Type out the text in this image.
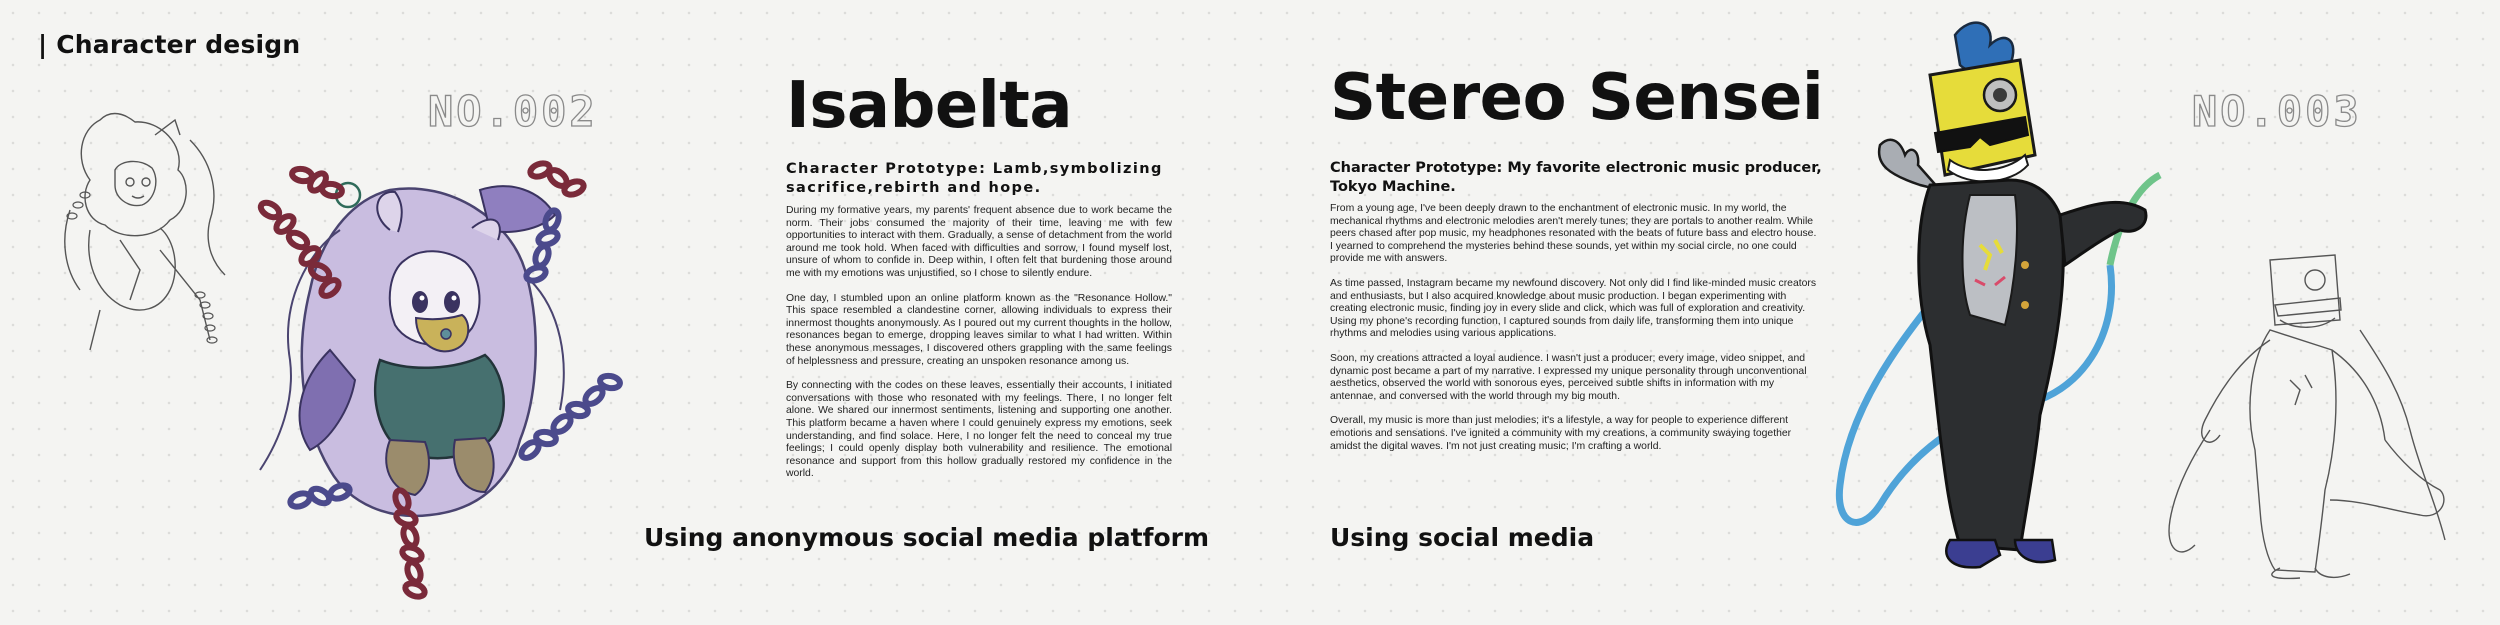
| Character design
NO.002	NO.003
Isabelta

Character Prototype: Lamb,symbolizing sacrifice,rebirth and hope.

During my formative years, my parents' frequent absence due to work became the norm. Their jobs consumed the majority of their time, leaving me with few opportunities to interact with them. Gradually, a sense of detachment from the world around me took hold. When faced with difficulties and sorrow, I found myself lost, unsure of whom to confide in. Deep within, I often felt that burdening those around me with my emotions was unjustified, so I chose to silently endure.

One day, I stumbled upon an online platform known as the "Resonance Hollow." This space resembled a clandestine corner, allowing individuals to express their innermost thoughts anonymously. As I poured out my current thoughts in the hollow, resonances began to emerge, dropping leaves similar to what I had written. Within these anonymous messages, I discovered others grappling with the same feelings of helplessness and pressure, creating an unspoken resonance among us.

By connecting with the codes on these leaves, essentially their accounts, I initiated conversations with those who resonated with my feelings. There, I no longer felt alone. We shared our innermost sentiments, listening and supporting one another. This platform became a haven where I could genuinely express my emotions, seek understanding, and find solace. Here, I no longer felt the need to conceal my true feelings; I could openly display both vulnerability and resilience. The emotional resonance and support from this hollow gradually restored my confidence in the world.

Using anonymous social media platform
Stereo Sensei

Character Prototype: My favorite electronic music producer, Tokyo Machine.

From a young age, I've been deeply drawn to the enchantment of electronic music. In my world, the mechanical rhythms and electronic melodies aren't merely tunes; they are portals to another realm. While peers chased after pop music, my headphones resonated with the beats of future bass and electro house. I yearned to comprehend the mysteries behind these sounds, yet within my social circle, no one could provide me with answers.

As time passed, Instagram became my newfound discovery. Not only did I find like-minded music creators and enthusiasts, but I also acquired knowledge about music production. I began experimenting with creating electronic music, finding joy in every slide and click, which was full of exploration and creativity. Using my phone's recording function, I captured sounds from daily life, transforming them into unique rhythms and melodies using various applications.

Soon, my creations attracted a loyal audience. I wasn't just a producer; every image, video snippet, and dynamic post became a part of my narrative. I expressed my unique personality through unconventional aesthetics, observed the world with sonorous eyes, perceived subtle shifts in information with my antennae, and conversed with the world through my big mouth.

Overall, my music is more than just melodies; it's a lifestyle, a way for people to experience different emotions and sensations. I've ignited a community with my creations, a community swaying together amidst the digital waves. I'm not just creating music; I'm crafting a world.

Using social media
